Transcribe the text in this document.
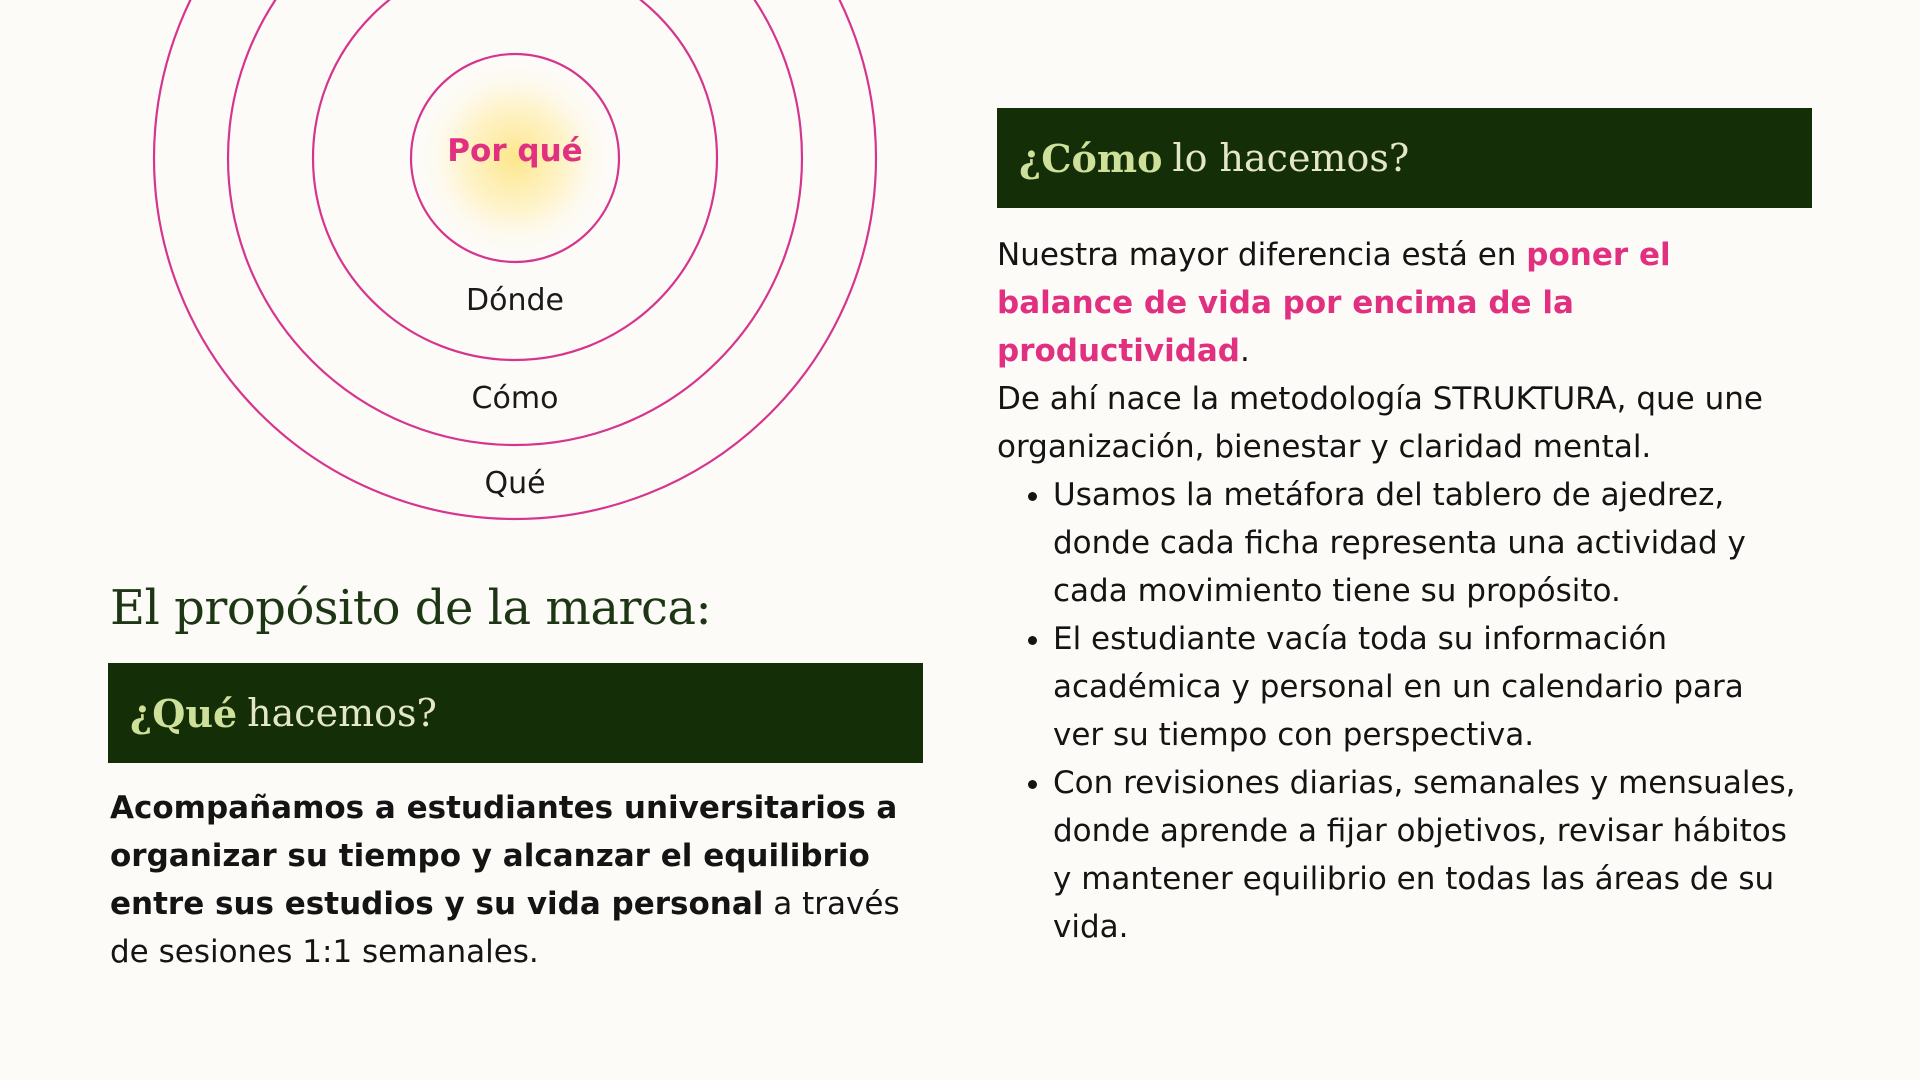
Por qué
Dónde
Cómo
Qué
El propósito de la marca:
¿Qué hacemos?
Acompañamos a estudiantes universitarios a organizar su tiempo y alcanzar el equilibrio entre sus estudios y su vida personal a través de sesiones 1:1 semanales.
¿Cómo lo hacemos?
Nuestra mayor diferencia está en poner el balance de vida por encima de la productividad.
De ahí nace la metodología STRUKTURA, que une organización, bienestar y claridad mental.
• Usamos la metáfora del tablero de ajedrez, donde cada ficha representa una actividad y cada movimiento tiene su propósito.
• El estudiante vacía toda su información académica y personal en un calendario para ver su tiempo con perspectiva.
• Con revisiones diarias, semanales y mensuales, donde aprende a fijar objetivos, revisar hábitos y mantener equilibrio en todas las áreas de su vida.
